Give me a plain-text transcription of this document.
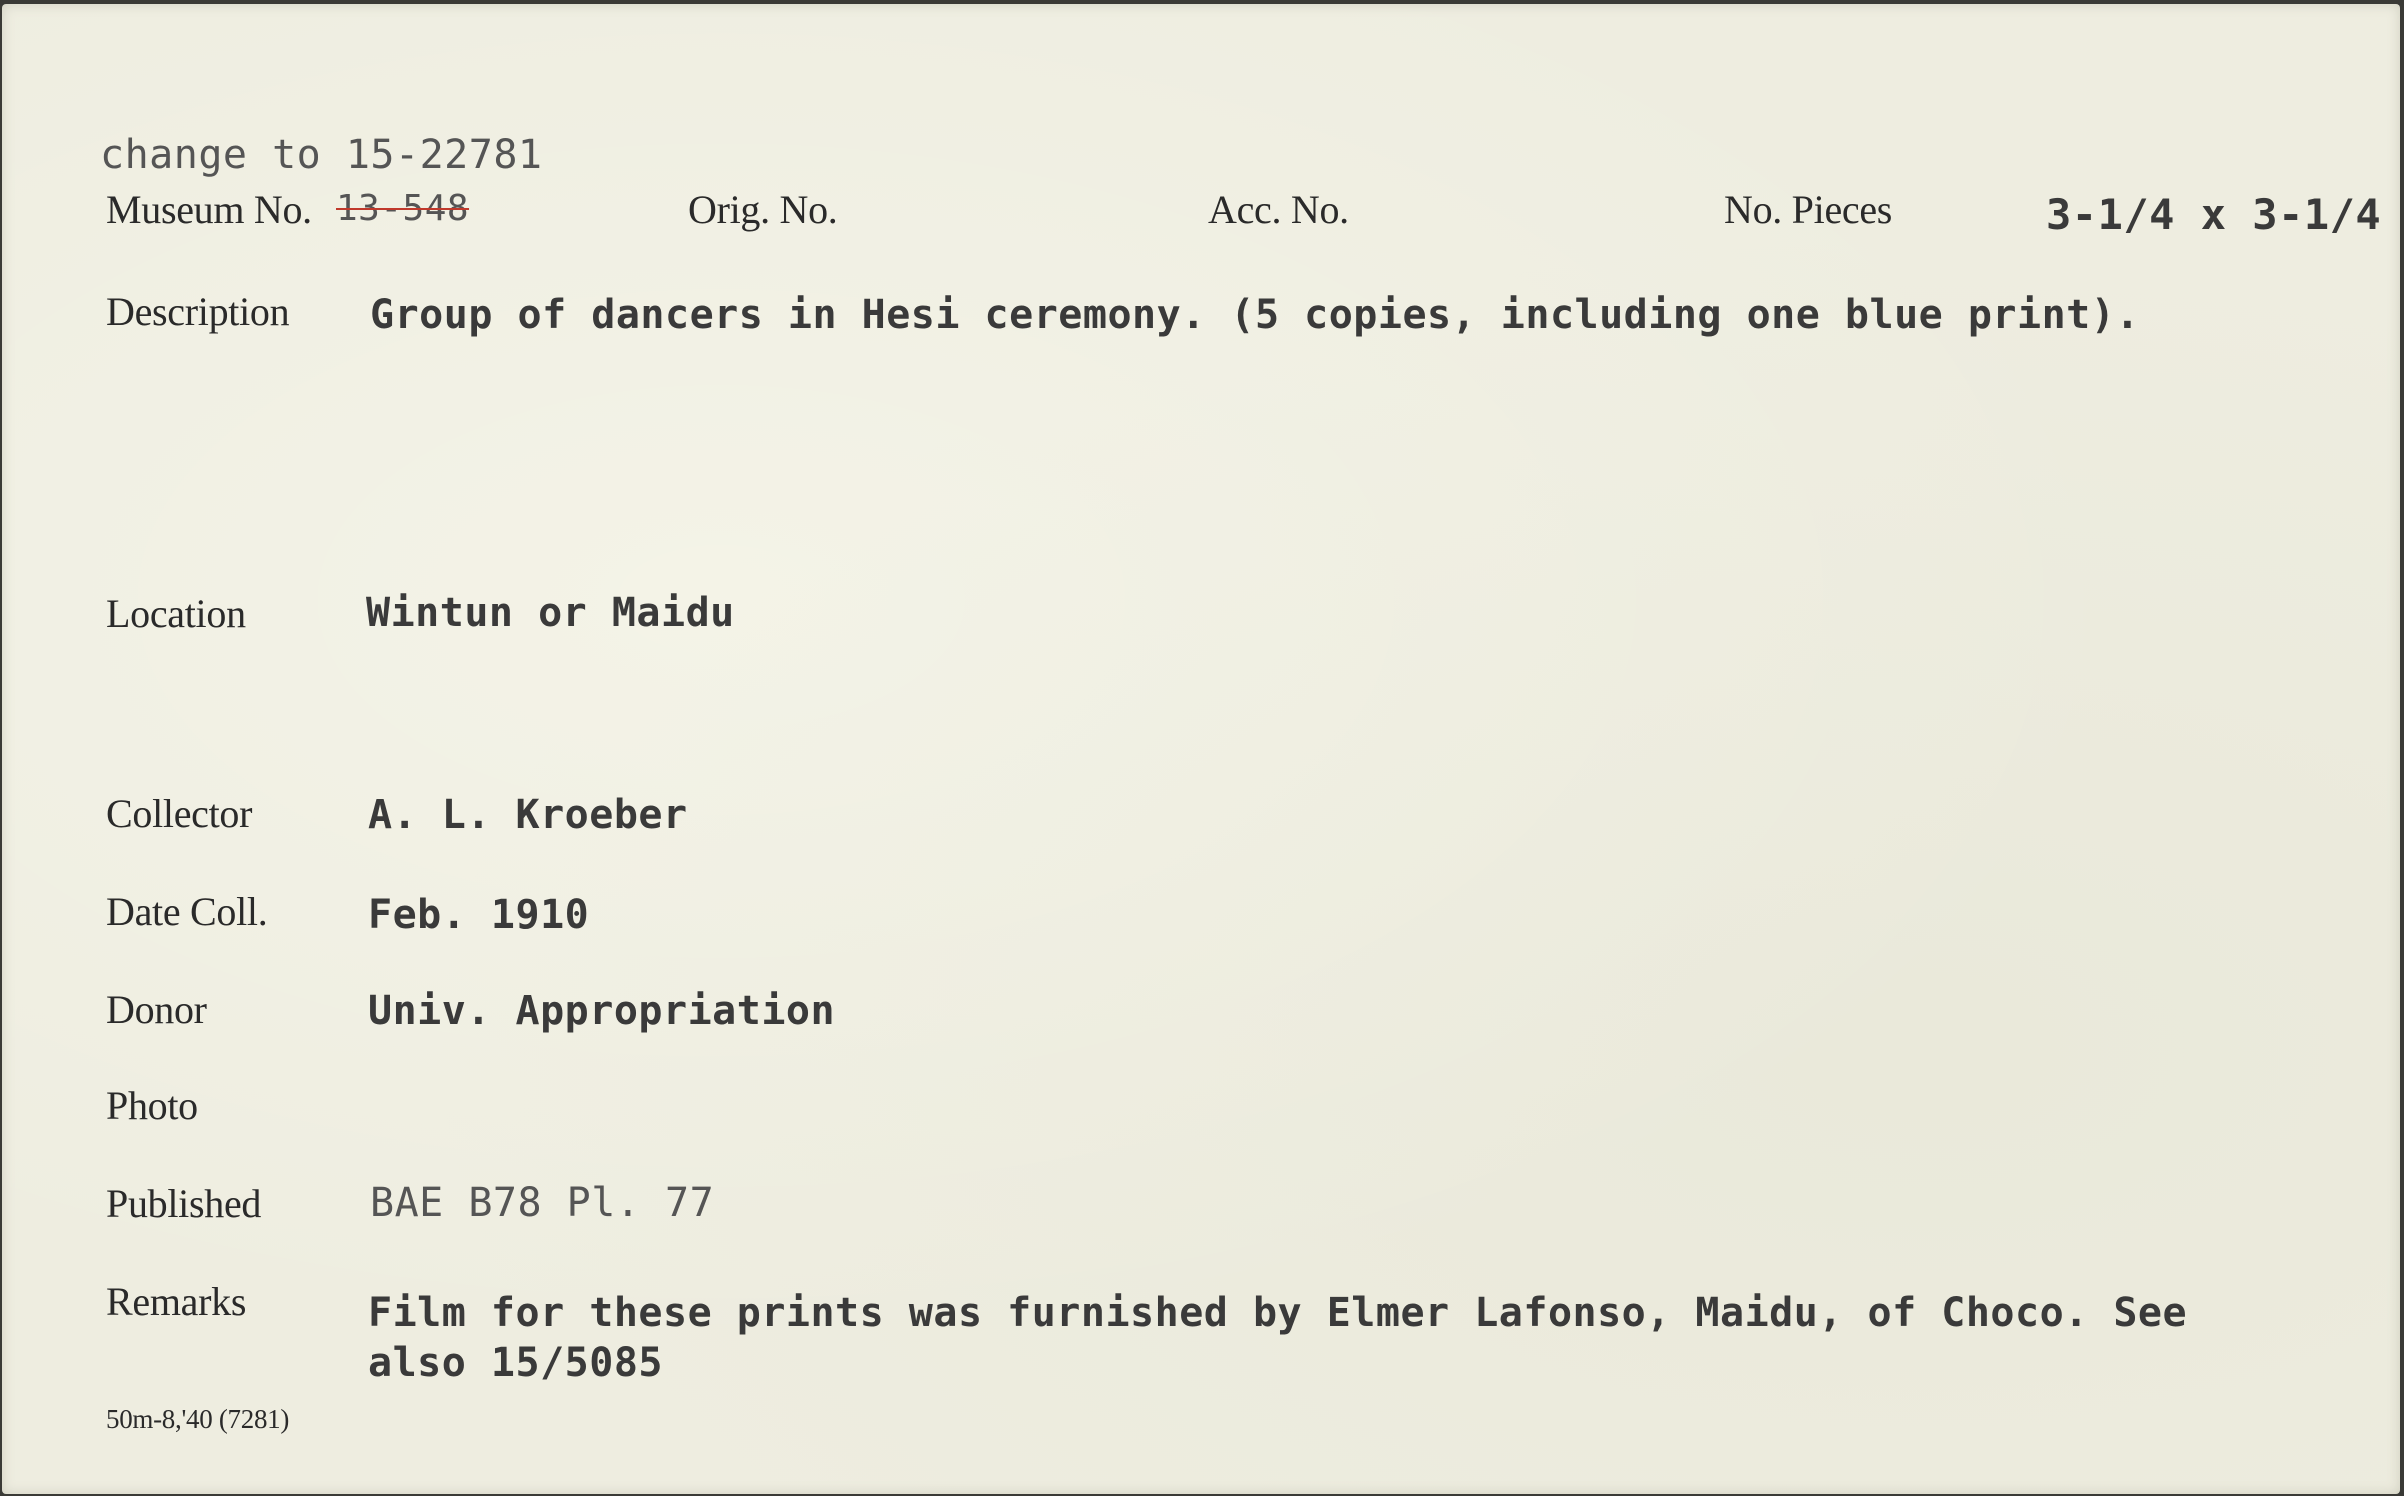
change to 15-22781
Museum No. 13-548	Orig. No.	Acc. No.	No. Pieces	3-1/4 x 3-1/4
Description Group of dancers in Hesi ceremony. (5 copies, including one blue print).
Location	Wintun or Maidu
Collector	A. L. Kroeber
Date Coll.	Feb. 1910
Donor	Univ. Appropriation
Photo
Published	BAE B78 Pl. 77
Remarks	Film for these prints was furnished by Elmer Lafonso, Maidu, of Choco. See
also 15/5085
50m-8,'40 (7281)
